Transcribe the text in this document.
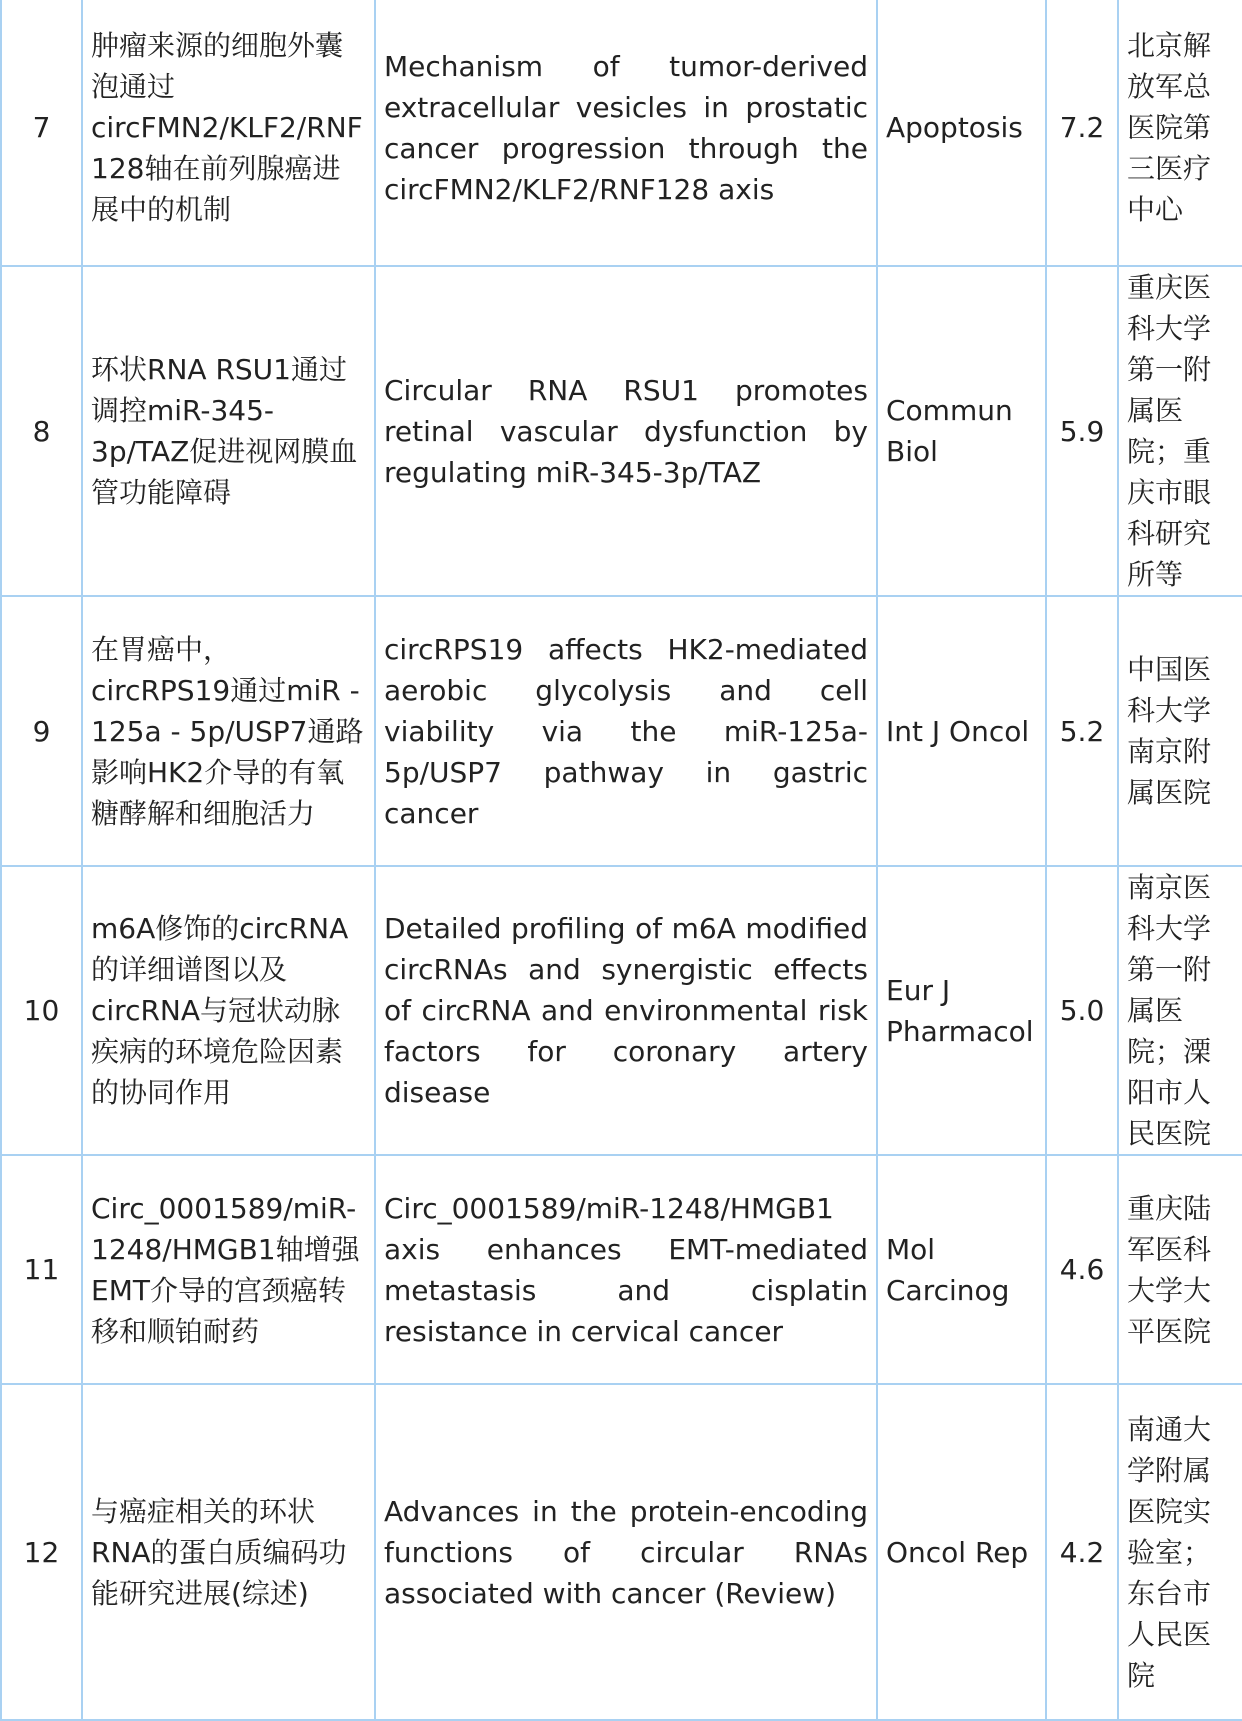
7	肿瘤来源的细胞外囊泡通过circFMN2/KLF2/RNF128轴在前列腺癌进展中的机制	Mechanism of tumor-derived extracellular vesicles in prostatic cancer progression through the circFMN2/KLF2/RNF128 axis	Apoptosis	7.2	北京解放军总医院第三医疗中心
8	环状RNA RSU1通过调控miR-345-3p/TAZ促进视网膜血管功能障碍	Circular RNA RSU1 promotes retinal vascular dysfunction by regulating miR-345-3p/TAZ	Commun Biol	5.9	重庆医科大学第一附属医院；重庆市眼科研究所等
9	在胃癌中，circRPS19通过miR - 125a - 5p/USP7通路影响HK2介导的有氧糖酵解和细胞活力	circRPS19 affects HK2-mediated aerobic glycolysis and cell viability via the miR-125a-5p/USP7 pathway in gastric cancer	Int J Oncol	5.2	中国医科大学南京附属医院
10	m6A修饰的circRNA的详细谱图以及circRNA与冠状动脉疾病的环境危险因素的协同作用	Detailed profiling of m6A modified circRNAs and synergistic effects of circRNA and environmental risk factors for coronary artery disease	Eur J Pharmacol	5.0	南京医科大学第一附属医院；溧阳市人民医院
11	Circ_0001589/miR-1248/HMGB1轴增强EMT介导的宫颈癌转移和顺铂耐药	Circ_0001589/miR-1248/HMGB1 axis enhances EMT-mediated metastasis and cisplatin resistance in cervical cancer	Mol Carcinog	4.6	重庆陆军医科大学大平医院
12	与癌症相关的环状RNA的蛋白质编码功能研究进展(综述)	Advances in the protein-encoding functions of circular RNAs associated with cancer (Review)	Oncol Rep	4.2	南通大学附属医院实验室；东台市人民医院
